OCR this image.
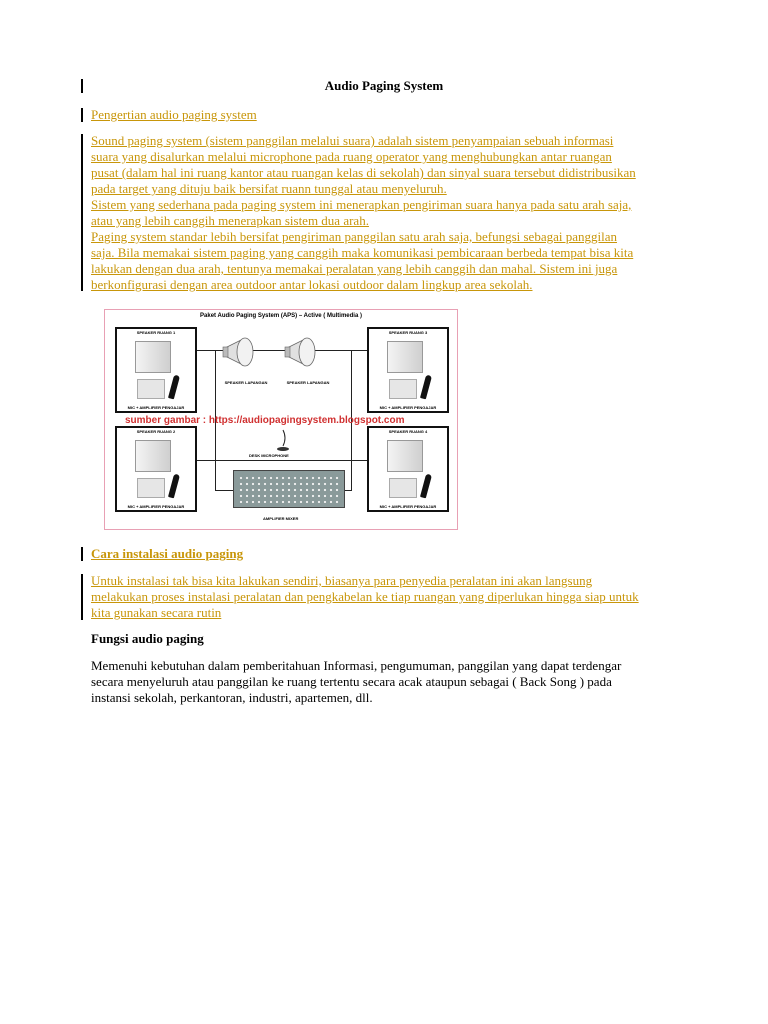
Audio Paging System
Pengertian audio paging system
Sound paging system (sistem panggilan melalui suara) adalah sistem penyampaian sebuah informasi
suara yang disalurkan melalui microphone pada ruang operator yang menghubungkan antar ruangan
pusat (dalam hal ini ruang kantor atau ruangan kelas di sekolah) dan sinyal suara tersebut didistribusikan
pada target yang dituju baik bersifat ruann tunggal atau menyeluruh.
Sistem yang sederhana pada paging system ini menerapkan pengiriman suara hanya pada satu arah saja,
atau yang lebih canggih menerapkan sistem dua arah.
Paging system standar lebih bersifat pengiriman panggilan satu arah saja, befungsi sebagai panggilan
saja. Bila memakai sistem paging yang canggih maka komunikasi pembicaraan berbeda tempat bisa kita
lakukan dengan dua arah, tentunya memakai peralatan yang lebih canggih dan mahal. Sistem ini juga
berkonfigurasi dengan area outdoor antar lokasi outdoor dalam lingkup area sekolah.
Paket Audio Paging System (APS) – Active ( Multimedia )
SPEAKER RUANG 1
MIC + AMPLIFIER PENGAJAR
SPEAKER RUANG 3
MIC + AMPLIFIER PENGAJAR
SPEAKER RUANG 2
MIC + AMPLIFIER PENGAJAR
SPEAKER RUANG 4
MIC + AMPLIFIER PENGAJAR
SPEAKER LAPANGAN	SPEAKER LAPANGAN
sumber gambar : https://audiopagingsystem.blogspot.com
DESK MICROPHONE
AMPLIFIER MIXER
Cara instalasi audio paging
Untuk instalasi tak bisa kita lakukan sendiri, biasanya para penyedia peralatan ini akan langsung
melakukan proses instalasi peralatan dan pengkabelan ke tiap ruangan yang diperlukan hingga siap untuk
kita gunakan secara rutin
Fungsi audio paging
Memenuhi kebutuhan dalam pemberitahuan Informasi, pengumuman, panggilan yang dapat terdengar
secara menyeluruh atau panggilan ke ruang tertentu secara acak ataupun sebagai ( Back Song ) pada
instansi sekolah, perkantoran, industri, apartemen, dll.
